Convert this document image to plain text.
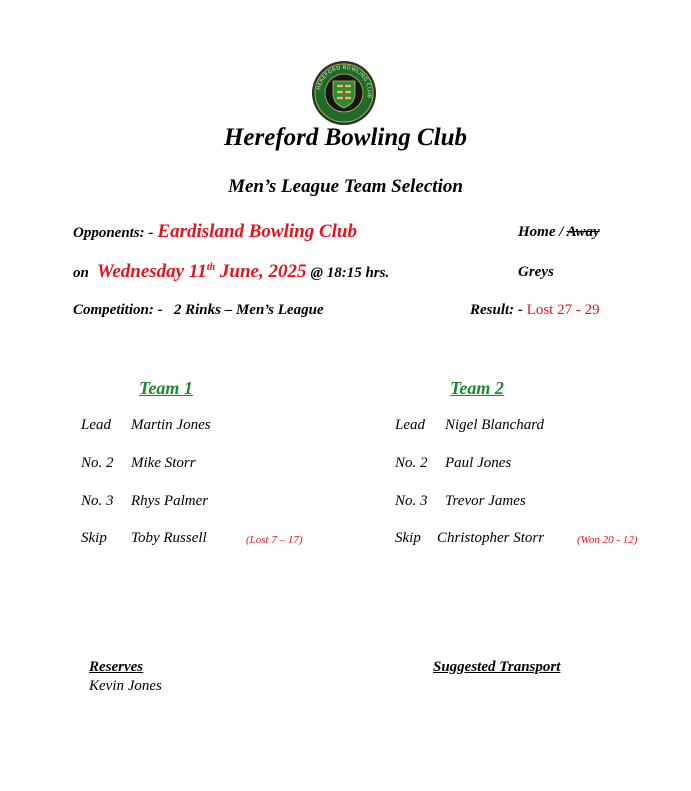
HEREFORD BOWLING CLUB
Hereford Bowling Club
Men’s League Team Selection
Opponents: - Eardisland Bowling Club	Home / Away
on Wednesday 11th June, 2025 @ 18:15 hrs.	Greys
Competition: - 2 Rinks – Men’s League	Result: - Lost 27 - 29
Team 1	Team 2
Lead Martin Jones
No. 2 Mike Storr
No. 3 Rhys Palmer
Skip Toby Russell	(Lost 7 – 17)
Lead Nigel Blanchard
No. 2 Paul Jones
No. 3 Trevor James
Skip Christopher Storr	(Won 20 - 12)
Reserves
Kevin Jones
Suggested Transport
